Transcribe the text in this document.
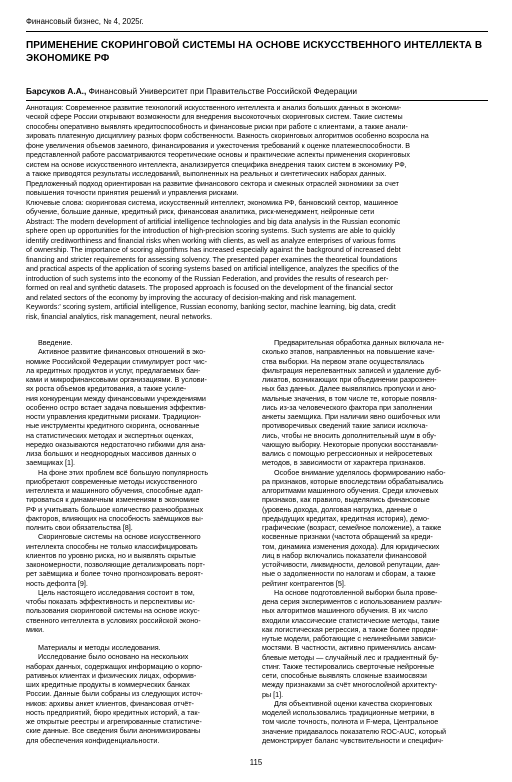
Финансовый бизнес, № 4, 2025г.
ПРИМЕНЕНИЕ СКОРИНГОВОЙ СИСТЕМЫ НА ОСНОВЕ ИСКУССТВЕННОГО ИНТЕЛЛЕКТА В ЭКОНОМИКЕ РФ
Барсуков А.А., Финансовый Университет при Правительстве Российской Федерации

Аннотация: Современное развитие технологий искусственного интеллекта и анализ больших данных в экономи-
ческой сфере России открывают возможности для внедрения высокоточных скоринговых систем. Такие системы
способны оперативно выявлять кредитоспособность и финансовые риски при работе с клиентами, а также анали-
зировать платежную дисциплину разных форм собственности. Важность скоринговых алгоритмов особенно возросла на
фоне увеличения объемов заемного, финансирования и ужесточения требований к оценке платежеспособности. В
представленной работе рассматриваются теоретические основы и практические аспекты применения скоринговых
систем на основе искусственного интеллекта, анализируется специфика внедрения таких систем в экономику РФ,
а также приводятся результаты исследований, выполненных на реальных и синтетических наборах данных.
Предложенный подход ориентирован на развитие финансового сектора и смежных отраслей экономики за счет
повышения точности принятия решений и управления рисками.
Ключевые слова: скоринговая система, искусственный интеллект, экономика РФ, банковский сектор, машинное
обучение, большие данные, кредитный риск, финансовая аналитика, риск-менеджмент, нейронные сети

Abstract: The modern development of artificial intelligence technologies and big data analysis in the Russian economic
sphere open up opportunities for the introduction of high-precision scoring systems. Such systems are able to quickly
identify creditworthiness and financial risks when working with clients, as well as analyze enterprises of various forms
of ownership. The importance of scoring algorithms has increased especially against the background of increased debt
financing and stricter requirements for assessing solvency. The presented paper examines the theoretical foundations
and practical aspects of the application of scoring systems based on artificial intelligence, analyzes the specifics of the
introduction of such systems into the economy of the Russian Federation, and provides the results of research per-
formed on real and synthetic datasets. The proposed approach is focused on the development of the financial sector
and related sectors of the economy by improving the accuracy of decision-making and risk management.
Keywords:' scoring system, artificial intelligence, Russian economy, banking sector, machine learning, big data, credit
risk, financial analytics, risk management, neural networks.

Введение.

Активное развитие финансовых отношений в эко-
номике Российской Федерации стимулирует рост чис-
ла кредитных продуктов и услуг, предлагаемых бан-
ками и микрофинансовыми организациями. В услови-
ях роста объемов кредитования, а также усиле-
ния конкуренции между финансовыми учреждениями
особенно остро встает задача повышения эффектив-
ности управления кредитными рисками. Традицион-
ные инструменты кредитного скоринга, основанные
на статистических методах и экспертных оценках,
нередко оказываются недостаточно гибкими для ана-
лиза больших и неоднородных массивов данных о
заемщиках [1].

На фоне этих проблем всё большую популярность
приобретают современные методы искусственного
интеллекта и машинного обучения, способные адап-
тироваться к динамичным изменениям в экономике
РФ и учитывать большое количество разнообразных
факторов, влияющих на способность заёмщиков вы-
полнить свои обязательства [8].

Скоринговые системы на основе искусственного
интеллекта способны не только классифицировать
клиентов по уровню риска, но и выявлять скрытые
закономерности, позволяющие детализировать порт-
рет заёмщика и более точно прогнозировать вероят-
ность дефолта [9].

Цель настоящего исследования состоит в том,
чтобы показать эффективность и перспективы ис-
пользования скоринговой системы на основе искус-
ственного интеллекта в условиях российской эконо-
мики.

Материалы и методы исследования.

Исследование было основано на нескольких
наборах данных, содержащих информацию о корпо-
ративных клиентах и физических лицах, оформив-
ших кредитные продукты в коммерческих банках
России. Данные были собраны из следующих источ-
ников: архивы анкет клиентов, финансовая отчёт-
ность предприятий, бюро кредитных историй, а так-
же открытые реестры и агрегированные статистиче-
ские данные. Все сведения были анонимизированы
для обеспечения конфиденциальности.

Предварительная обработка данных включала не-
сколько этапов, направленных на повышение каче-
ства выборки. На первом этапе осуществлялась
фильтрация нерелевантных записей и удаление дуб-
ликатов, возникающих при объединении разрознен-
ных баз данных. Далее выявлялись пропуски и ано-
мальные значения, в том числе те, которые появля-
лись из-за человеческого фактора при заполнении
анкеты заемщика. При наличии явно ошибочных или
противоречивых сведений такие записи исключа-
лись, чтобы не вносить дополнительный шум в обу-
чающую выборку. Некоторые пропуски восстанавли-
вались с помощью регрессионных и нейросетевых
методов, в зависимости от характера признаков.

Особое внимание уделялось формированию набо-
ра признаков, которые впоследствии обрабатывались
алгоритмами машинного обучения. Среди ключевых
признаков, как правило, выделялись финансовые
(уровень дохода, долговая нагрузка, данные о
предыдущих кредитах, кредитная история), демо-
графические (возраст, семейное положение), а также
косвенные признаки (частота обращений за креди-
том, динамика изменения дохода). Для юридических
лиц в набор включались показатели финансовой
устойчивости, ликвидности, деловой репутации, дан-
ные о задолженности по налогам и сборам, а также
рейтинг контрагентов [5].

На основе подготовленной выборки была прове-
дена серия экспериментов с использованием различ-
ных алгоритмов машинного обучения. В их число
входили классические статистические методы, такие
как логистическая регрессия, а также более продви-
нутые модели, работающие с нелинейными зависи-
мостями. В частности, активно применялись ансам-
блевые методы — случайный лес и градиентный бу-
стинг. Также тестировались сверточные нейронные
сети, способные выявлять сложные взаимосвязи
между признаками за счёт многослойной архитекту-
ры [1].

Для объективной оценки качества скоринговых
моделей использовались традиционные метрики, в
том числе точность, полнота и F-мера, Центральное
значение придавалось показателю ROC-AUC, который
демонстрирует баланс чувствительности и специфич-

115
